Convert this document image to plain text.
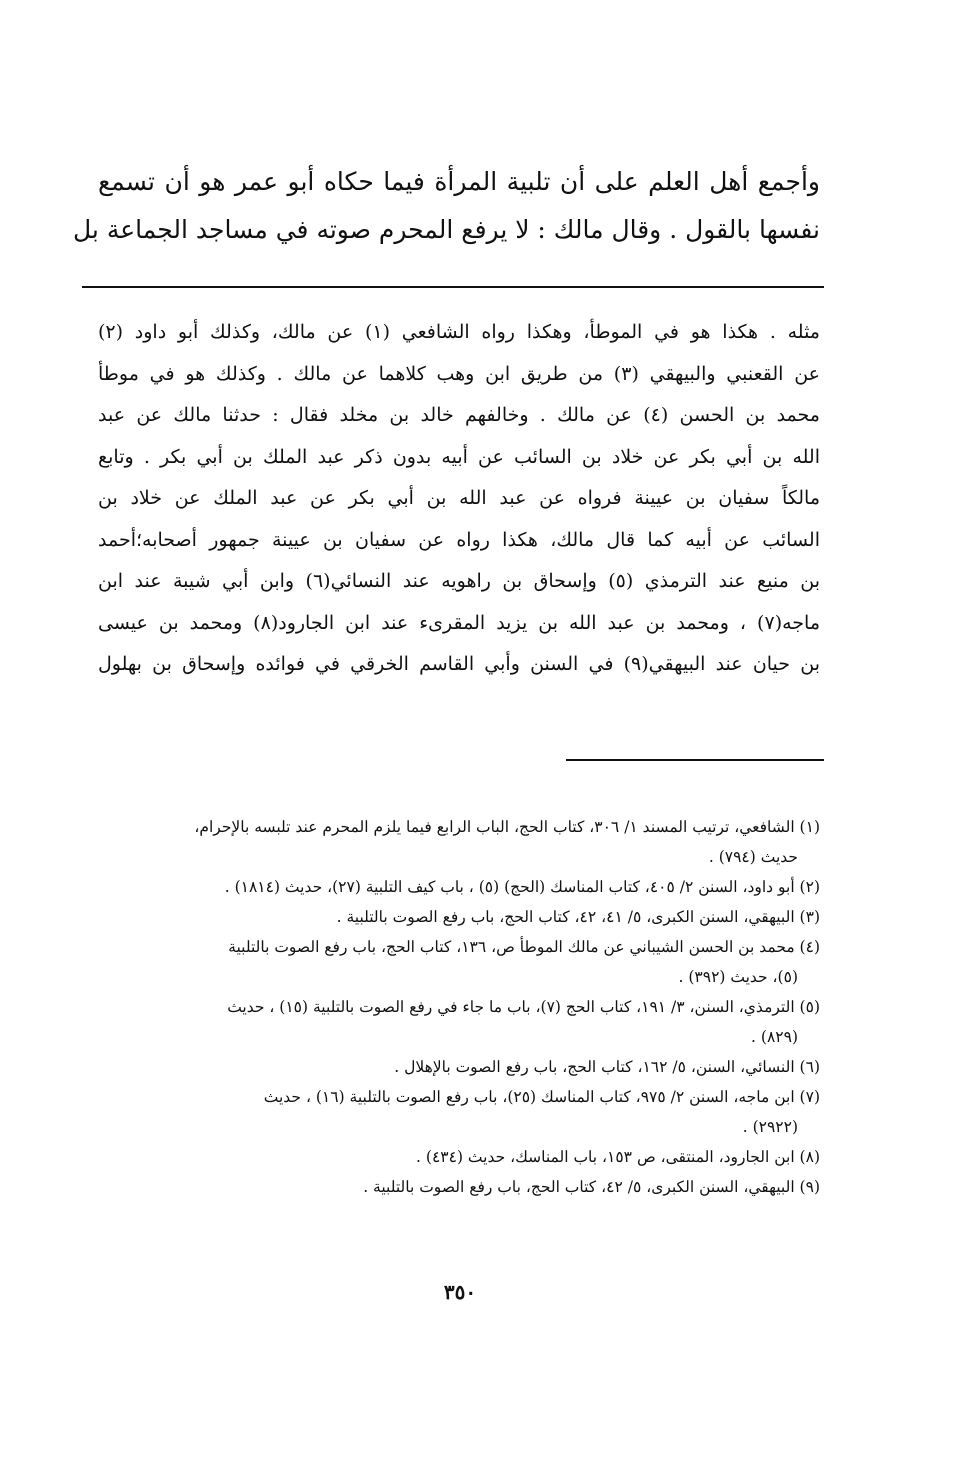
وأجمع أهل العلم على أن تلبية المرأة فيما حكاه أبو عمر هو أن تسمع
نفسها بالقول . وقال مالك : لا يرفع المحرم صوته في مساجد الجماعة بل
مثله . هكذا هو في الموطأ، وهكذا رواه الشافعي (١) عن مالك، وكذلك أبو داود (٢)
عن القعنبي والبيهقي (٣) من طريق ابن وهب كلاهما عن مالك . وكذلك هو في موطأ
محمد بن الحسن (٤) عن مالك . وخالفهم خالد بن مخلد فقال : حدثنا مالك عن عبد
الله بن أبي بكر عن خلاد بن السائب عن أبيه بدون ذكر عبد الملك بن أبي بكر . وتابع
مالكاً سفيان بن عيينة فرواه عن عبد الله بن أبي بكر عن عبد الملك عن خلاد بن
السائب عن أبيه كما قال مالك، هكذا رواه عن سفيان بن عيينة جمهور أصحابه؛أحمد
بن منيع عند الترمذي (٥) وإسحاق بن راهويه عند النسائي(٦) وابن أبي شيبة عند ابن
ماجه(٧) ، ومحمد بن عبد الله بن يزيد المقرىء عند ابن الجارود(٨) ومحمد بن عيسى
بن حيان عند البيهقي(٩) في السنن وأبي القاسم الخرقي في فوائده وإسحاق بن بهلول
(١) الشافعي، ترتيب المسند ١/ ٣٠٦، كتاب الحج، الباب الرابع فيما يلزم المحرم عند تلبسه بالإحرام،
حديث (٧٩٤) .
(٢) أبو داود، السنن ٢/ ٤٠٥، كتاب المناسك (الحج) (٥) ، باب كيف التلبية (٢٧)، حديث (١٨١٤) .
(٣) البيهقي، السنن الكبرى، ٥/ ٤١، ٤٢، كتاب الحج، باب رفع الصوت بالتلبية .
(٤) محمد بن الحسن الشيباني عن مالك الموطأ ص، ١٣٦، كتاب الحج، باب رفع الصوت بالتلبية
(٥)، حديث (٣٩٢) .
(٥) الترمذي، السنن، ٣/ ١٩١، كتاب الحج (٧)، باب ما جاء في رفع الصوت بالتلبية (١٥) ، حديث
(٨٢٩) .
(٦) النسائي، السنن، ٥/ ١٦٢، كتاب الحج، باب رفع الصوت بالإهلال .
(٧) ابن ماجه، السنن ٢/ ٩٧٥، كتاب المناسك (٢٥)، باب رفع الصوت بالتلبية (١٦) ، حديث
(٢٩٢٢) .
(٨) ابن الجارود، المنتقى، ص ١٥٣، باب المناسك، حديث (٤٣٤) .
(٩) البيهقي، السنن الكبرى، ٥/ ٤٢، كتاب الحج، باب رفع الصوت بالتلبية .
٣٥٠
